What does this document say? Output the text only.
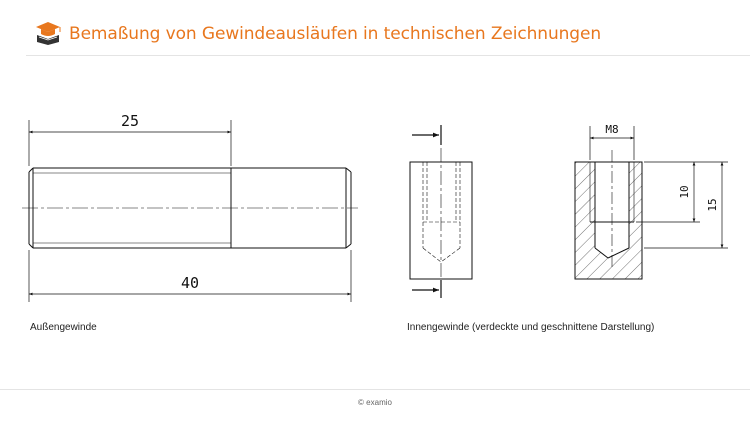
Bemaßung von Gewindeausläufen in technischen Zeichnungen
25
40
M8
10
15
Außengewinde	Innengewinde (verdeckte und geschnittene Darstellung)
© examio
